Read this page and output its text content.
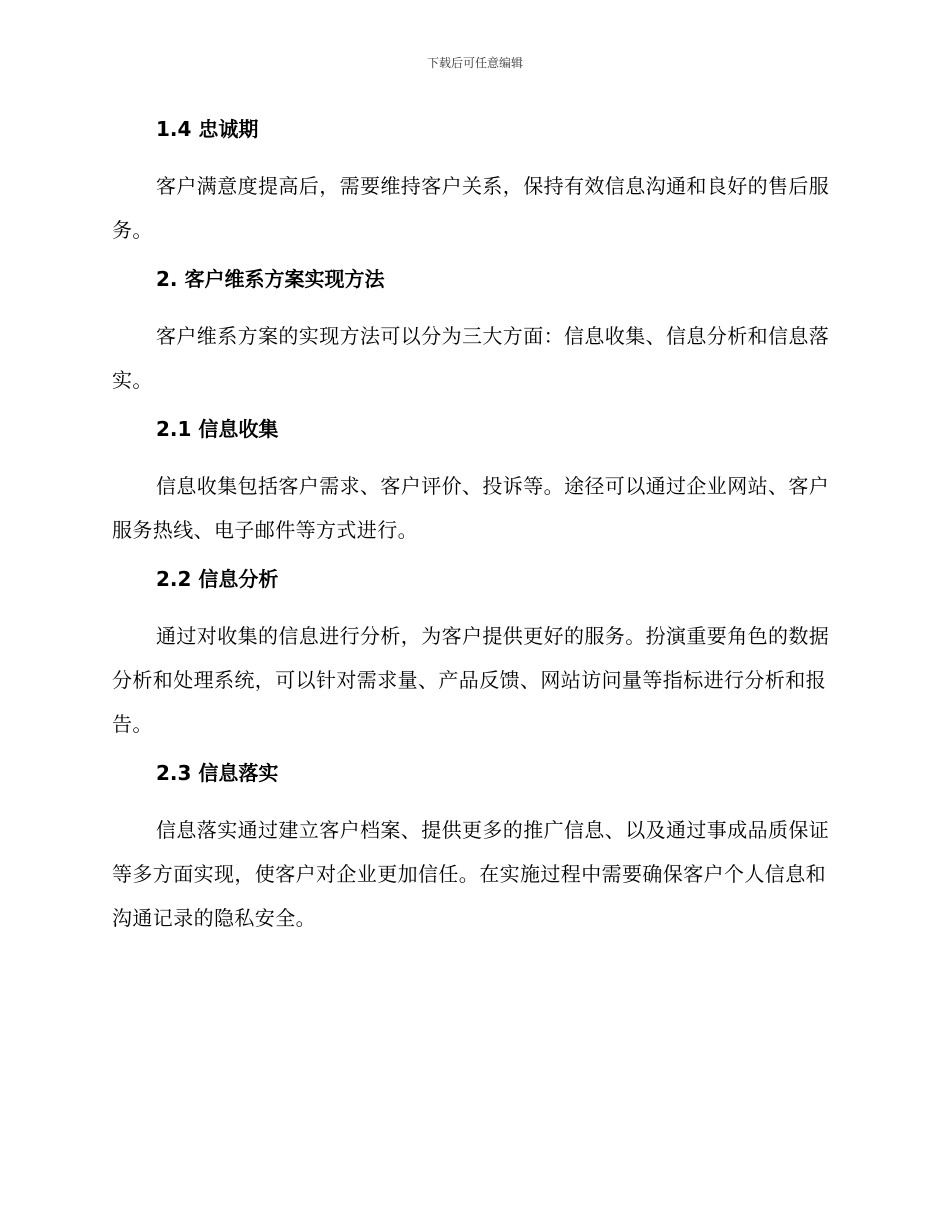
下载后可任意编辑
1.4 忠诚期
客户满意度提高后，需要维持客户关系，保持有效信息沟通和良好的售后服务。
2. 客户维系方案实现方法
客户维系方案的实现方法可以分为三大方面：信息收集、信息分析和信息落实。
2.1 信息收集
信息收集包括客户需求、客户评价、投诉等。途径可以通过企业网站、客户服务热线、电子邮件等方式进行。
2.2 信息分析
通过对收集的信息进行分析，为客户提供更好的服务。扮演重要角色的数据分析和处理系统，可以针对需求量、产品反馈、网站访问量等指标进行分析和报告。
2.3 信息落实
信息落实通过建立客户档案、提供更多的推广信息、以及通过事成品质保证等多方面实现，使客户对企业更加信任。在实施过程中需要确保客户个人信息和沟通记录的隐私安全。
